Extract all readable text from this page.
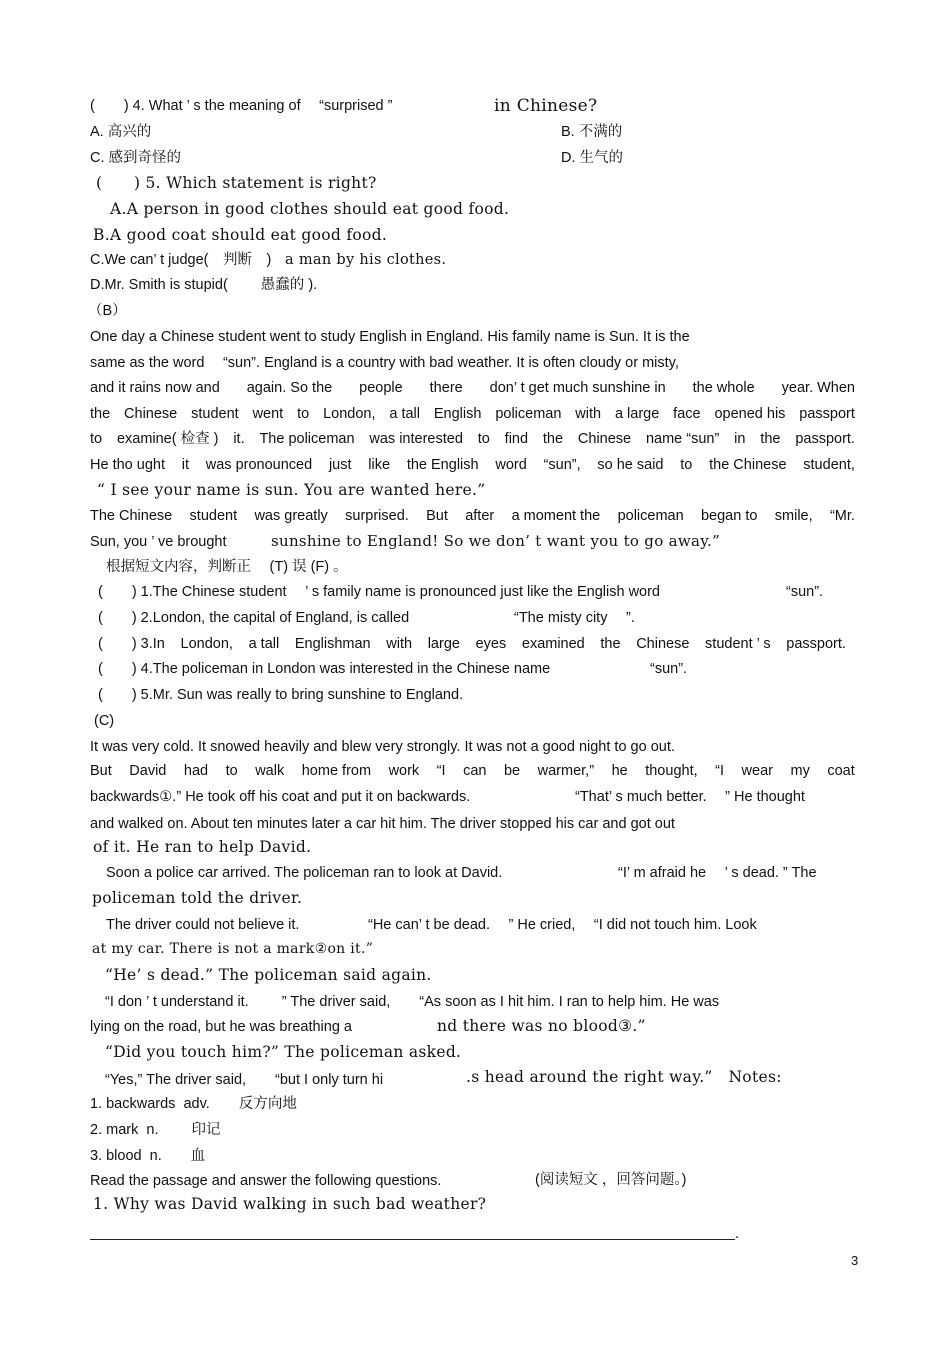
(　　) 4. What ’ s the meaning of　 “surprised ”	in Chinese?
A. 高兴的	B. 不满的
C. 感到奇怪的	D. 生气的
(　　) 5. Which statement is right?
A.A person in good clothes should eat good food.
B.A good coat should eat good food.
C.We can’ t judge(　判断　) a man by his clothes.
D.Mr. Smith is stupid(　　 愚蠢的 ).
（B）
One day a Chinese student went to study English in England. His family name is Sun. It is the
same as the word　 “sun”. England is a country with bad weather. It is often cloudy or misty,
and it rains now and again. So the people there don’ t get much sunshine in the whole year. When
the Chinese student went to London, a tall English policeman with a large face opened his passport
to examine( 检查 ) it. The policeman was interested to find the Chinese name “sun” in the passport.
He tho ught it was pronounced just like the English word “sun”, so he said to the Chinese student,
“ I see your name is sun. You are wanted here.”
The Chinese student was greatly surprised. But after a moment the policeman began to smile, “Mr.
Sun, you ’ ve brought	sunshine to England! So we don’ t want you to go away.”
根据短文内容，判断正　 (T) 误 (F) 。
(　　) 1.The Chinese student　 ’ s family name is pronounced just like the English word	“sun”.
(　　) 2.London, the capital of England, is called	“The misty city　 ”.
(　　) 3.In London, a tall Englishman with large eyes examined the Chinese student ’ s passport.
(　　) 4.The policeman in London was interested in the Chinese name	“sun”.
(　　) 5.Mr. Sun was really to bring sunshine to England.
(C)
It was very cold. It snowed heavily and blew very strongly. It was not a good night to go out.
But David had to walk home from work “I can be warmer,” he thought, “I wear my coat
backwards①.” He took off his coat and put it on backwards.	“That’ s much better.　 ” He thought
and walked on. About ten minutes later a car hit him. The driver stopped his car and got out
of it. He ran to help David.
Soon a police car arrived. The policeman ran to look at David.	“I’ m afraid he　 ’ s dead. ” The
policeman told the driver.
The driver could not believe it.	“He can’ t be dead.　 ” He cried,　 “I did not touch him. Look
at my car. There is not a mark②on it.”
“He’ s dead.” The policeman said again.
“I don ’ t understand it.　　 ” The driver said,　　“As soon as I hit him. I ran to help him. He was
lying on the road, but he was breathing a	nd there was no blood③.”
“Did you touch him?” The policeman asked.
“Yes,” The driver said,　　“but I only turn hi	.s head around the right way.”　Notes:
1. backwards  adv.　　反方向地
2. mark  n.　　 印记
3. blood  n.　　血
Read the passage and answer the following questions.	(阅读短文 ，回答问题。)
1. Why was David walking in such bad weather?
.
3
